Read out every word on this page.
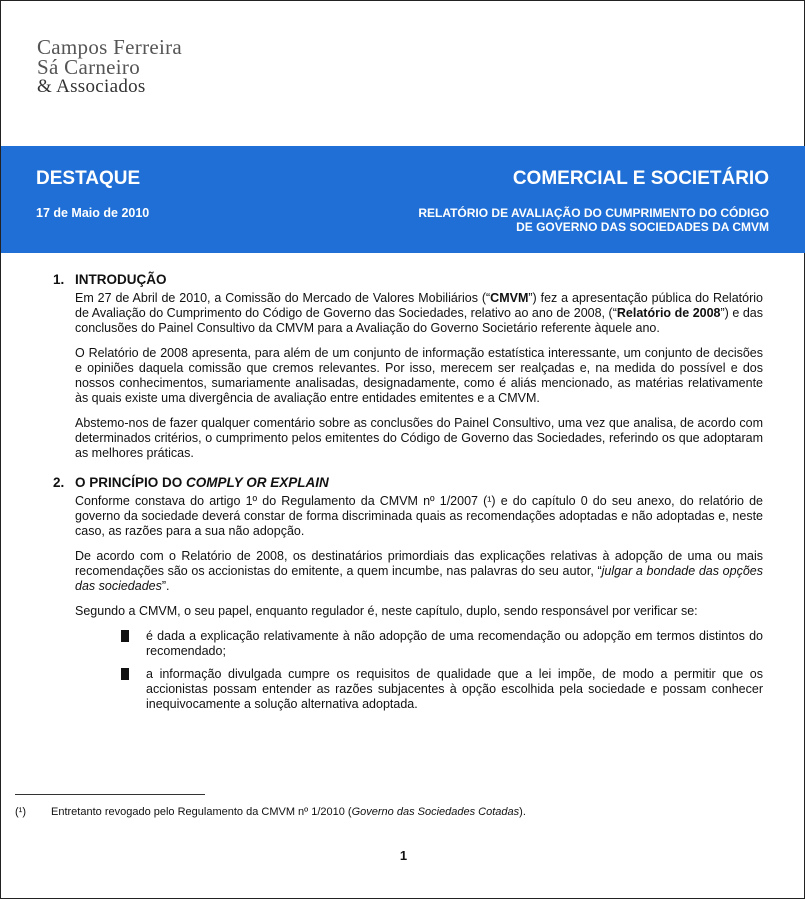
Campos Ferreira
Sá Carneiro
& Associados
DESTAQUE
17 de Maio de 2010
COMERCIAL E SOCIETÁRIO
RELATÓRIO DE AVALIAÇÃO DO CUMPRIMENTO DO CÓDIGO
DE GOVERNO DAS SOCIEDADES DA CMVM
1. INTRODUÇÃO

Em 27 de Abril de 2010, a Comissão do Mercado de Valores Mobiliários (“CMVM”) fez a apresentação pública do Relatório de Avaliação do Cumprimento do Código de Governo das Sociedades, relativo ao ano de 2008, (“Relatório de 2008”) e das conclusões do Painel Consultivo da CMVM para a Avaliação do Governo Societário referente àquele ano.

O Relatório de 2008 apresenta, para além de um conjunto de informação estatística interessante, um conjunto de decisões e opiniões daquela comissão que cremos relevantes. Por isso, merecem ser realçadas e, na medida do possível e dos nossos conhecimentos, sumariamente analisadas, designadamente, como é aliás mencionado, as matérias relativamente às quais existe uma divergência de avaliação entre entidades emitentes e a CMVM.

Abstemo-nos de fazer qualquer comentário sobre as conclusões do Painel Consultivo, uma vez que analisa, de acordo com determinados critérios, o cumprimento pelos emitentes do Código de Governo das Sociedades, referindo os que adoptaram as melhores práticas.

2. O PRINCÍPIO DO COMPLY OR EXPLAIN

Conforme constava do artigo 1º do Regulamento da CMVM nº 1/2007 (¹) e do capítulo 0 do seu anexo, do relatório de governo da sociedade deverá constar de forma discriminada quais as recomendações adoptadas e não adoptadas e, neste caso, as razões para a sua não adopção.

De acordo com o Relatório de 2008, os destinatários primordiais das explicações relativas à adopção de uma ou mais recomendações são os accionistas do emitente, a quem incumbe, nas palavras do seu autor, “julgar a bondade das opções das sociedades”.

Segundo a CMVM, o seu papel, enquanto regulador é, neste capítulo, duplo, sendo responsável por verificar se:

é dada a explicação relativamente à não adopção de uma recomendação ou adopção em termos distintos do recomendado;
a informação divulgada cumpre os requisitos de qualidade que a lei impõe, de modo a permitir que os accionistas possam entender as razões subjacentes à opção escolhida pela sociedade e possam conhecer inequivocamente a solução alternativa adoptada.
(¹)	Entretanto revogado pelo Regulamento da CMVM nº 1/2010 (Governo das Sociedades Cotadas).
1
